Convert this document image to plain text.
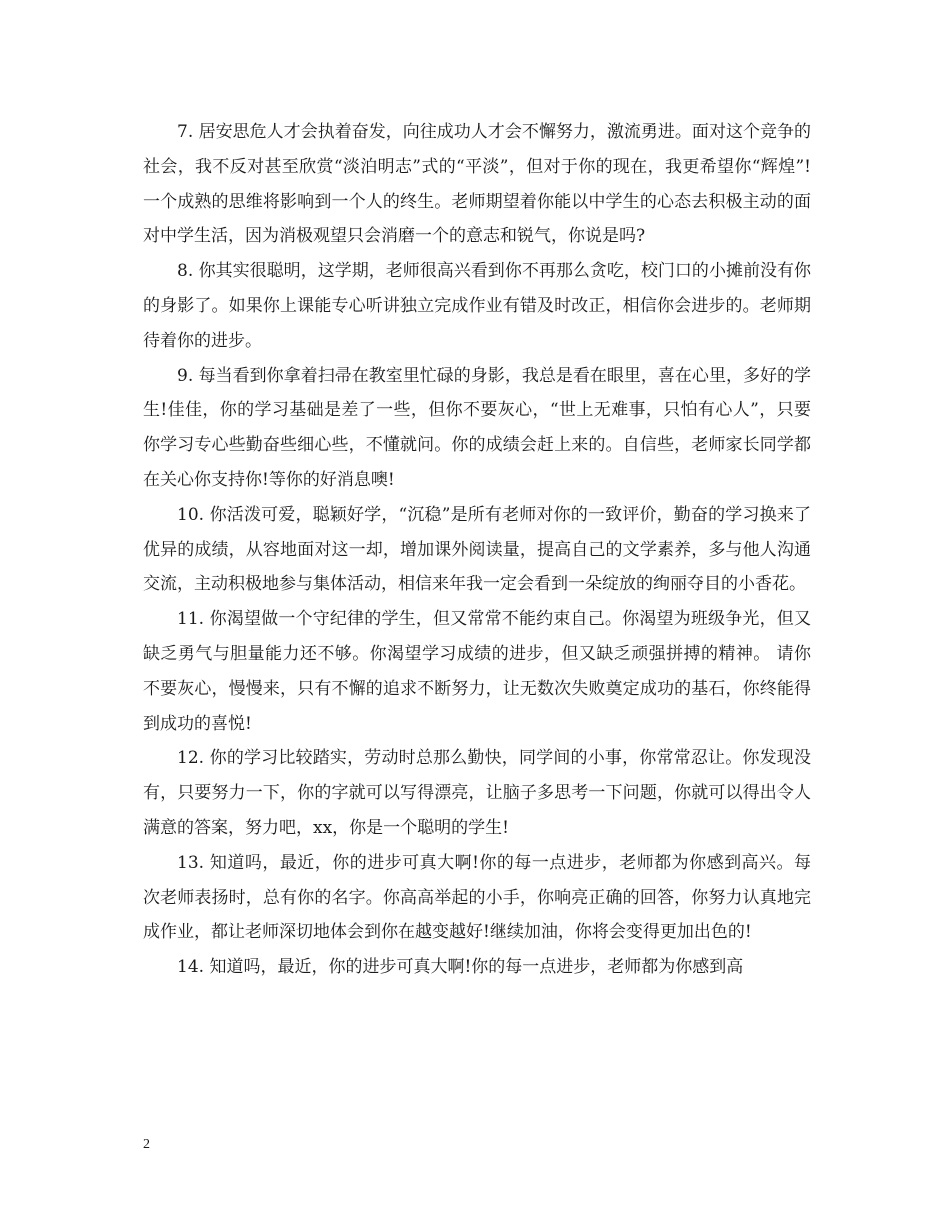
7. 居安思危人才会执着奋发，向往成功人才会不懈努力，激流勇进。面对这个竞争的社会，我不反对甚至欣赏“淡泊明志”式的“平淡”，但对于你的现在，我更希望你“辉煌”!一个成熟的思维将影响到一个人的终生。老师期望着你能以中学生的心态去积极主动的面对中学生活，因为消极观望只会消磨一个的意志和锐气，你说是吗?

8. 你其实很聪明，这学期，老师很高兴看到你不再那么贪吃，校门口的小摊前没有你的身影了。如果你上课能专心听讲独立完成作业有错及时改正，相信你会进步的。老师期待着你的进步。

9. 每当看到你拿着扫帚在教室里忙碌的身影，我总是看在眼里，喜在心里，多好的学生!佳佳，你的学习基础是差了一些，但你不要灰心，“世上无难事，只怕有心人”，只要你学习专心些勤奋些细心些，不懂就问。你的成绩会赶上来的。自信些，老师家长同学都在关心你支持你!等你的好消息噢!

10. 你活泼可爱，聪颖好学，“沉稳”是所有老师对你的一致评价，勤奋的学习换来了优异的成绩，从容地面对这一却，增加课外阅读量，提高自己的文学素养，多与他人沟通交流，主动积极地参与集体活动，相信来年我一定会看到一朵绽放的绚丽夺目的小香花。

11. 你渴望做一个守纪律的学生，但又常常不能约束自己。你渴望为班级争光，但又缺乏勇气与胆量能力还不够。你渴望学习成绩的进步，但又缺乏顽强拼搏的精神。 请你不要灰心，慢慢来，只有不懈的追求不断努力，让无数次失败奠定成功的基石，你终能得到成功的喜悦!

12. 你的学习比较踏实，劳动时总那么勤快，同学间的小事，你常常忍让。你发现没有，只要努力一下，你的字就可以写得漂亮，让脑子多思考一下问题，你就可以得出令人满意的答案，努力吧，xx，你是一个聪明的学生!

13. 知道吗，最近，你的进步可真大啊!你的每一点进步，老师都为你感到高兴。每次老师表扬时，总有你的名字。你高高举起的小手，你响亮正确的回答，你努力认真地完成作业，都让老师深切地体会到你在越变越好!继续加油，你将会变得更加出色的!

14. 知道吗，最近，你的进步可真大啊!你的每一点进步，老师都为你感到高

2
